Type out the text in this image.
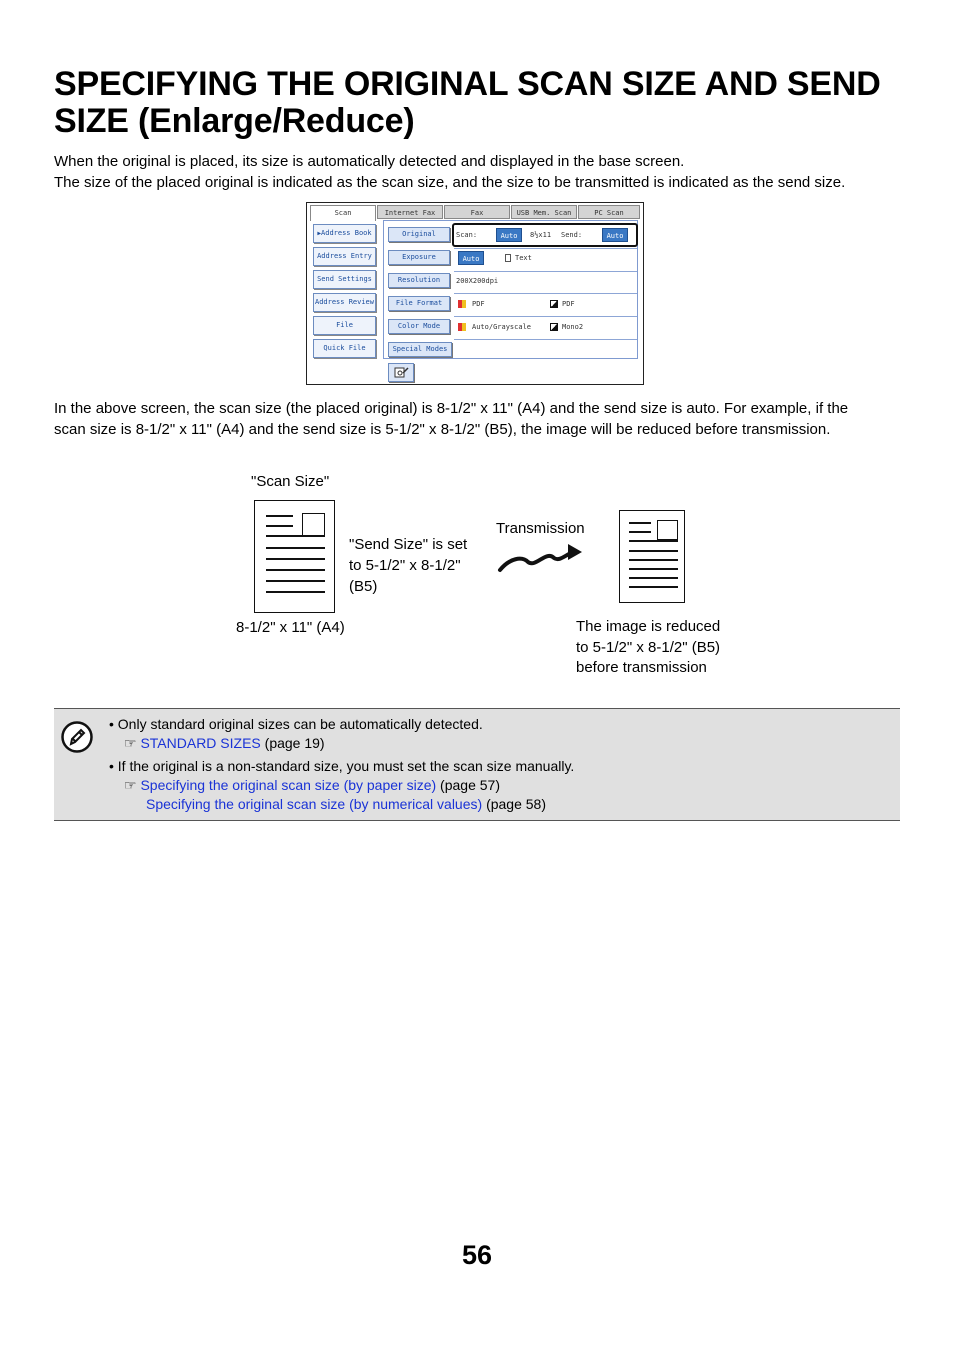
SPECIFYING THE ORIGINAL SCAN SIZE AND SEND SIZE (Enlarge/Reduce)
When the original is placed, its size is automatically detected and displayed in the base screen.
The size of the placed original is indicated as the scan size, and the size to be transmitted is indicated as the send size.
Scan	Internet Fax	Fax	USB Mem. Scan	PC Scan
▶Address Book
Address Entry
Send Settings
Address Review
File
Quick File
Original	Scan:	Auto	8½x11 Send:	Auto
Exposure	Auto	Text
Resolution	200X200dpi
File Format	PDF	PDF
Color Mode	Auto/Grayscale	Mono2
Special Modes
In the above screen, the scan size (the placed original) is 8-1/2" x 11" (A4) and the send size is auto. For example, if the
scan size is 8-1/2" x 11" (A4) and the send size is 5-1/2" x 8-1/2" (B5), the image will be reduced before transmission.
"Scan Size"
"Send Size" is set
to 5-1/2" x 8-1/2"
(B5)
8-1/2" x 11" (A4)
Transmission
The image is reduced
to 5-1/2" x 8-1/2" (B5)
before transmission
• Only standard original sizes can be automatically detected.
☞ STANDARD SIZES (page 19)
• If the original is a non-standard size, you must set the scan size manually.
☞ Specifying the original scan size (by paper size) (page 57)
Specifying the original scan size (by numerical values) (page 58)
56
